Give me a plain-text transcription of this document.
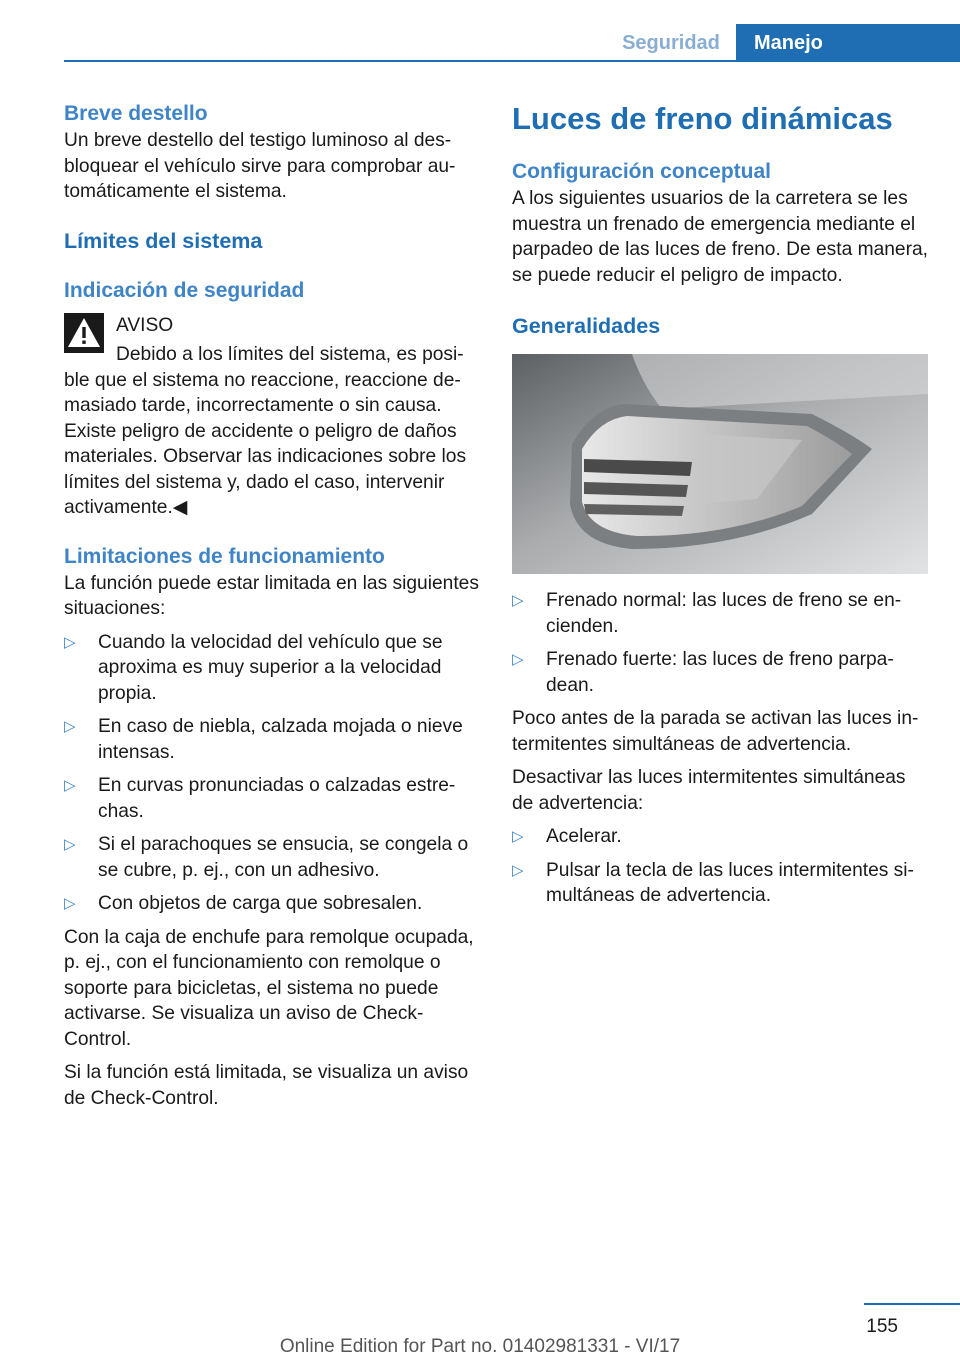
Seguridad	Manejo
Breve destello

Un breve destello del testigo luminoso al desbloquear el vehículo sirve para comprobar automáticamente el sistema.

Límites del sistema
Indicación de seguridad

AVISO

Debido a los límites del sistema, es posible que el sistema no reaccione, reaccione demasiado tarde, incorrectamente o sin causa. Existe peligro de accidente o peligro de daños materiales. Observar las indicaciones sobre los límites del sistema y, dado el caso, intervenir activamente.◀

Limitaciones de funcionamiento

La función puede estar limitada en las siguientes situaciones:

▷ Cuando la velocidad del vehículo que se aproxima es muy superior a la velocidad propia.
▷ En caso de niebla, calzada mojada o nieve intensas.
▷ En curvas pronunciadas o calzadas estrechas.
▷ Si el parachoques se ensucia, se congela o se cubre, p. ej., con un adhesivo.
▷ Con objetos de carga que sobresalen.

Con la caja de enchufe para remolque ocupada, p. ej., con el funcionamiento con remolque o soporte para bicicletas, el sistema no puede activarse. Se visualiza un aviso de Check-Control.

Si la función está limitada, se visualiza un aviso de Check-Control.

Luces de freno dinámicas
Configuración conceptual

A los siguientes usuarios de la carretera se les muestra un frenado de emergencia mediante el parpadeo de las luces de freno. De esta manera, se puede reducir el peligro de impacto.

Generalidades
▷ Frenado normal: las luces de freno se encienden.
▷ Frenado fuerte: las luces de freno parpadean.

Poco antes de la parada se activan las luces intermitentes simultáneas de advertencia.

Desactivar las luces intermitentes simultáneas de advertencia:

▷ Acelerar.
▷ Pulsar la tecla de las luces intermitentes simultáneas de advertencia.
155
Online Edition for Part no. 01402981331 - VI/17
